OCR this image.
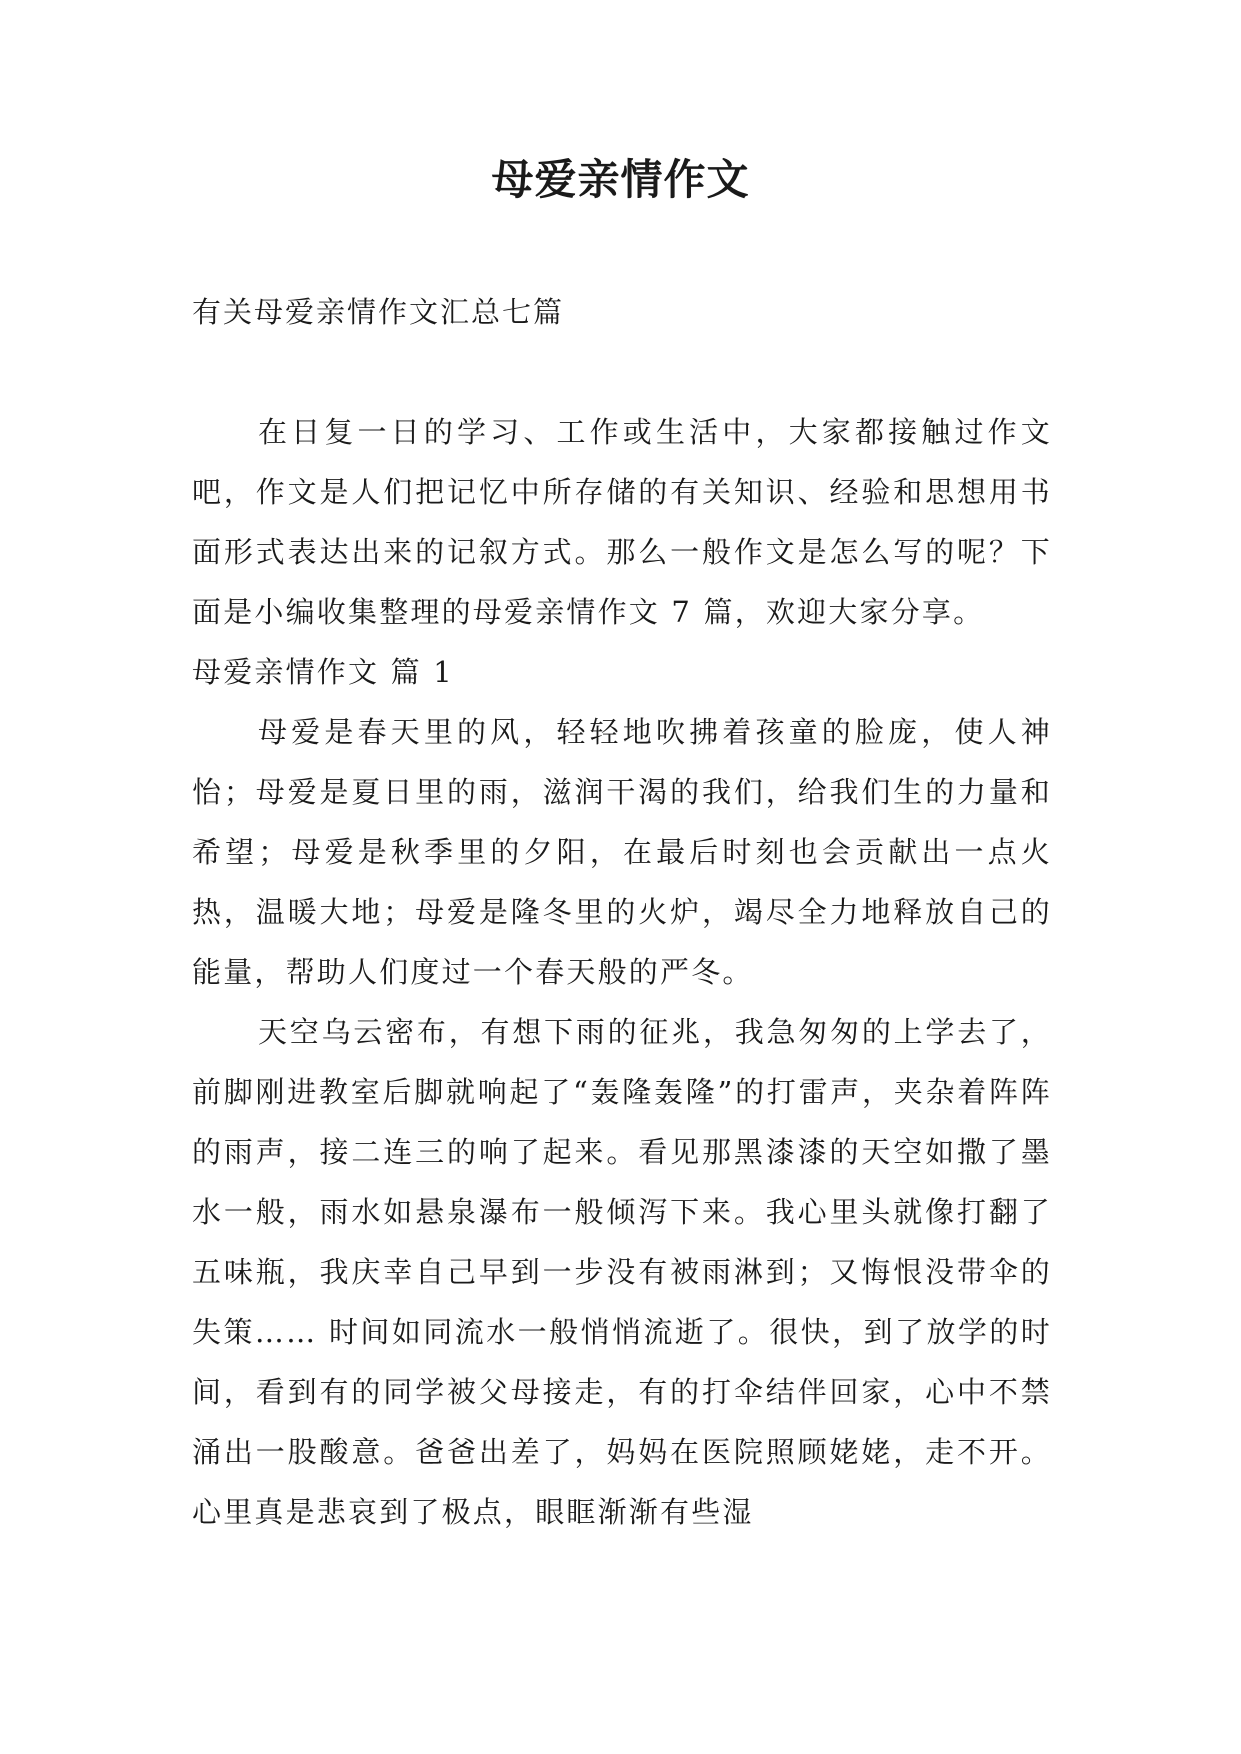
母爱亲情作文

有关母爱亲情作文汇总七篇

在日复一日的学习、工作或生活中，大家都接触过作文吧，作文是人们把记忆中所存储的有关知识、经验和思想用书面形式表达出来的记叙方式。那么一般作文是怎么写的呢？下面是小编收集整理的母爱亲情作文 7 篇，欢迎大家分享。

母爱亲情作文 篇 1

母爱是春天里的风，轻轻地吹拂着孩童的脸庞，使人神怡；母爱是夏日里的雨，滋润干渴的我们，给我们生的力量和希望；母爱是秋季里的夕阳，在最后时刻也会贡献出一点火热，温暖大地；母爱是隆冬里的火炉，竭尽全力地释放自己的能量，帮助人们度过一个春天般的严冬。

天空乌云密布，有想下雨的征兆，我急匆匆的上学去了，前脚刚进教室后脚就响起了“轰隆轰隆”的打雷声，夹杂着阵阵的雨声，接二连三的响了起来。看见那黑漆漆的天空如撒了墨水一般，雨水如悬泉瀑布一般倾泻下来。我心里头就像打翻了五味瓶，我庆幸自己早到一步没有被雨淋到；又悔恨没带伞的失策…… 时间如同流水一般悄悄流逝了。很快，到了放学的时间，看到有的同学被父母接走，有的打伞结伴回家，心中不禁涌出一股酸意。爸爸出差了，妈妈在医院照顾姥姥，走不开。心里真是悲哀到了极点，眼眶渐渐有些湿
